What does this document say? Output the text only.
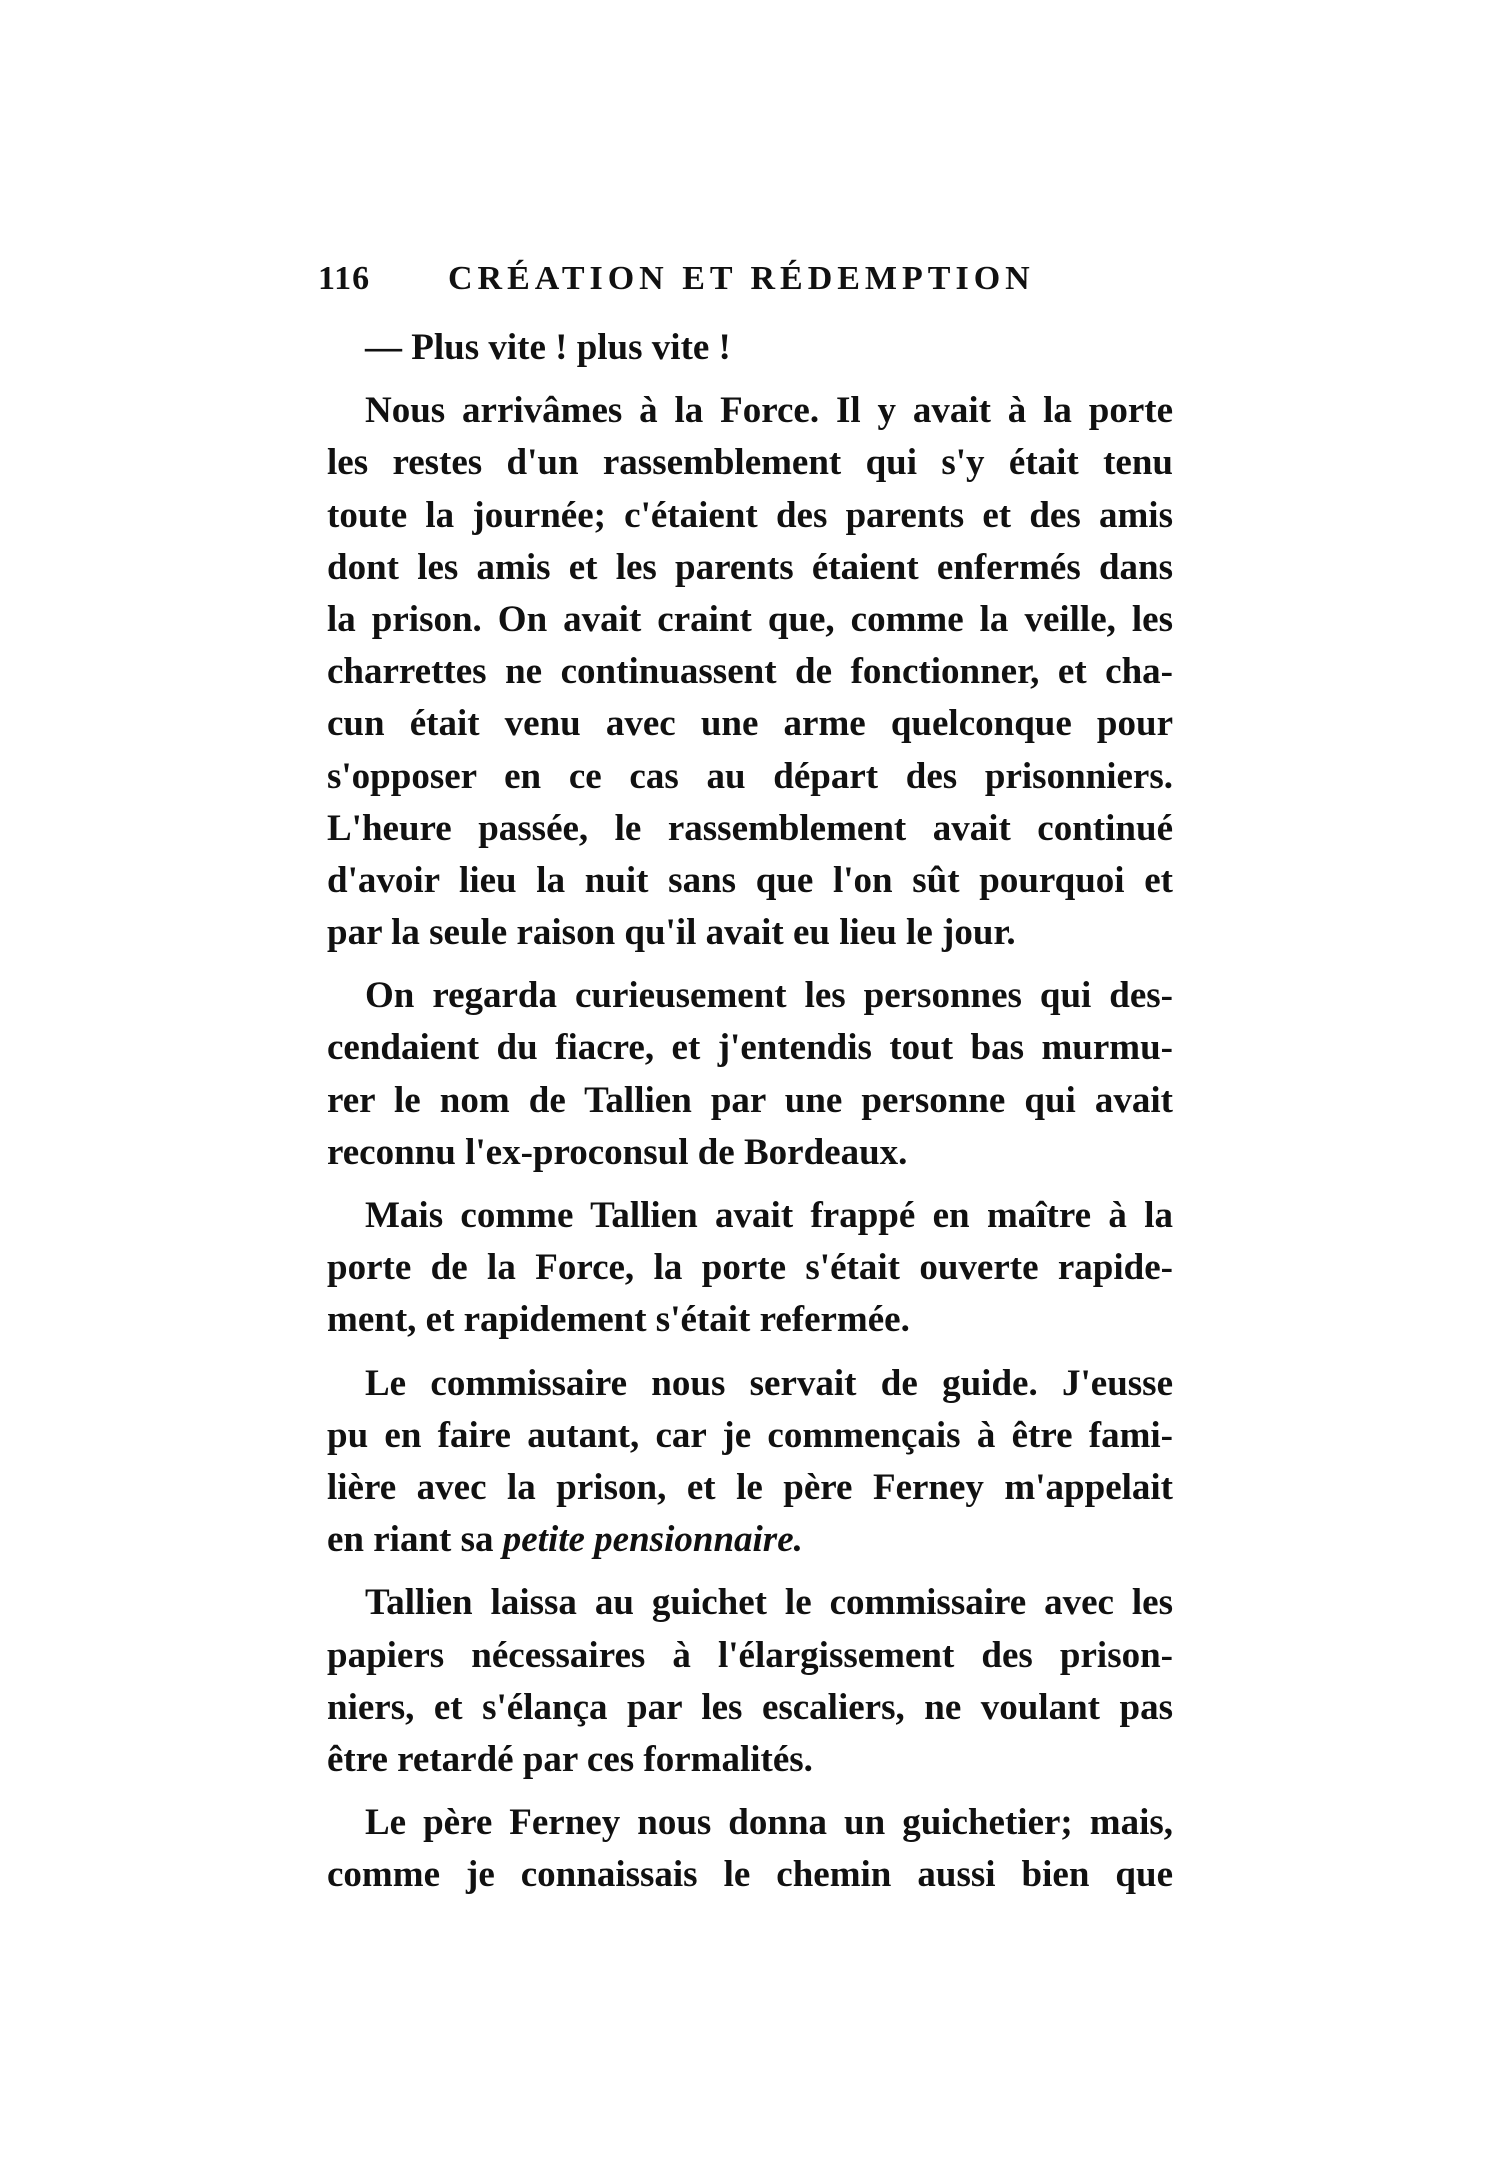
116 CRÉATION ET RÉDEMPTION
— Plus vite ! plus vite !
Nous arrivâmes à la Force. Il y avait à la porte
les restes d'un rassemblement qui s'y était tenu
toute la journée; c'étaient des parents et des amis
dont les amis et les parents étaient enfermés dans
la prison. On avait craint que, comme la veille, les
charrettes ne continuassent de fonctionner, et cha-
cun était venu avec une arme quelconque pour
s'opposer en ce cas au départ des prisonniers.
L'heure passée, le rassemblement avait continué
d'avoir lieu la nuit sans que l'on sût pourquoi et
par la seule raison qu'il avait eu lieu le jour.
On regarda curieusement les personnes qui des-
cendaient du fiacre, et j'entendis tout bas murmu-
rer le nom de Tallien par une personne qui avait
reconnu l'ex-proconsul de Bordeaux.
Mais comme Tallien avait frappé en maître à la
porte de la Force, la porte s'était ouverte rapide-
ment, et rapidement s'était refermée.
Le commissaire nous servait de guide. J'eusse
pu en faire autant, car je commençais à être fami-
lière avec la prison, et le père Ferney m'appelait
en riant sa petite pensionnaire.
Tallien laissa au guichet le commissaire avec les
papiers nécessaires à l'élargissement des prison-
niers, et s'élança par les escaliers, ne voulant pas
être retardé par ces formalités.
Le père Ferney nous donna un guichetier; mais,
comme je connaissais le chemin aussi bien que
